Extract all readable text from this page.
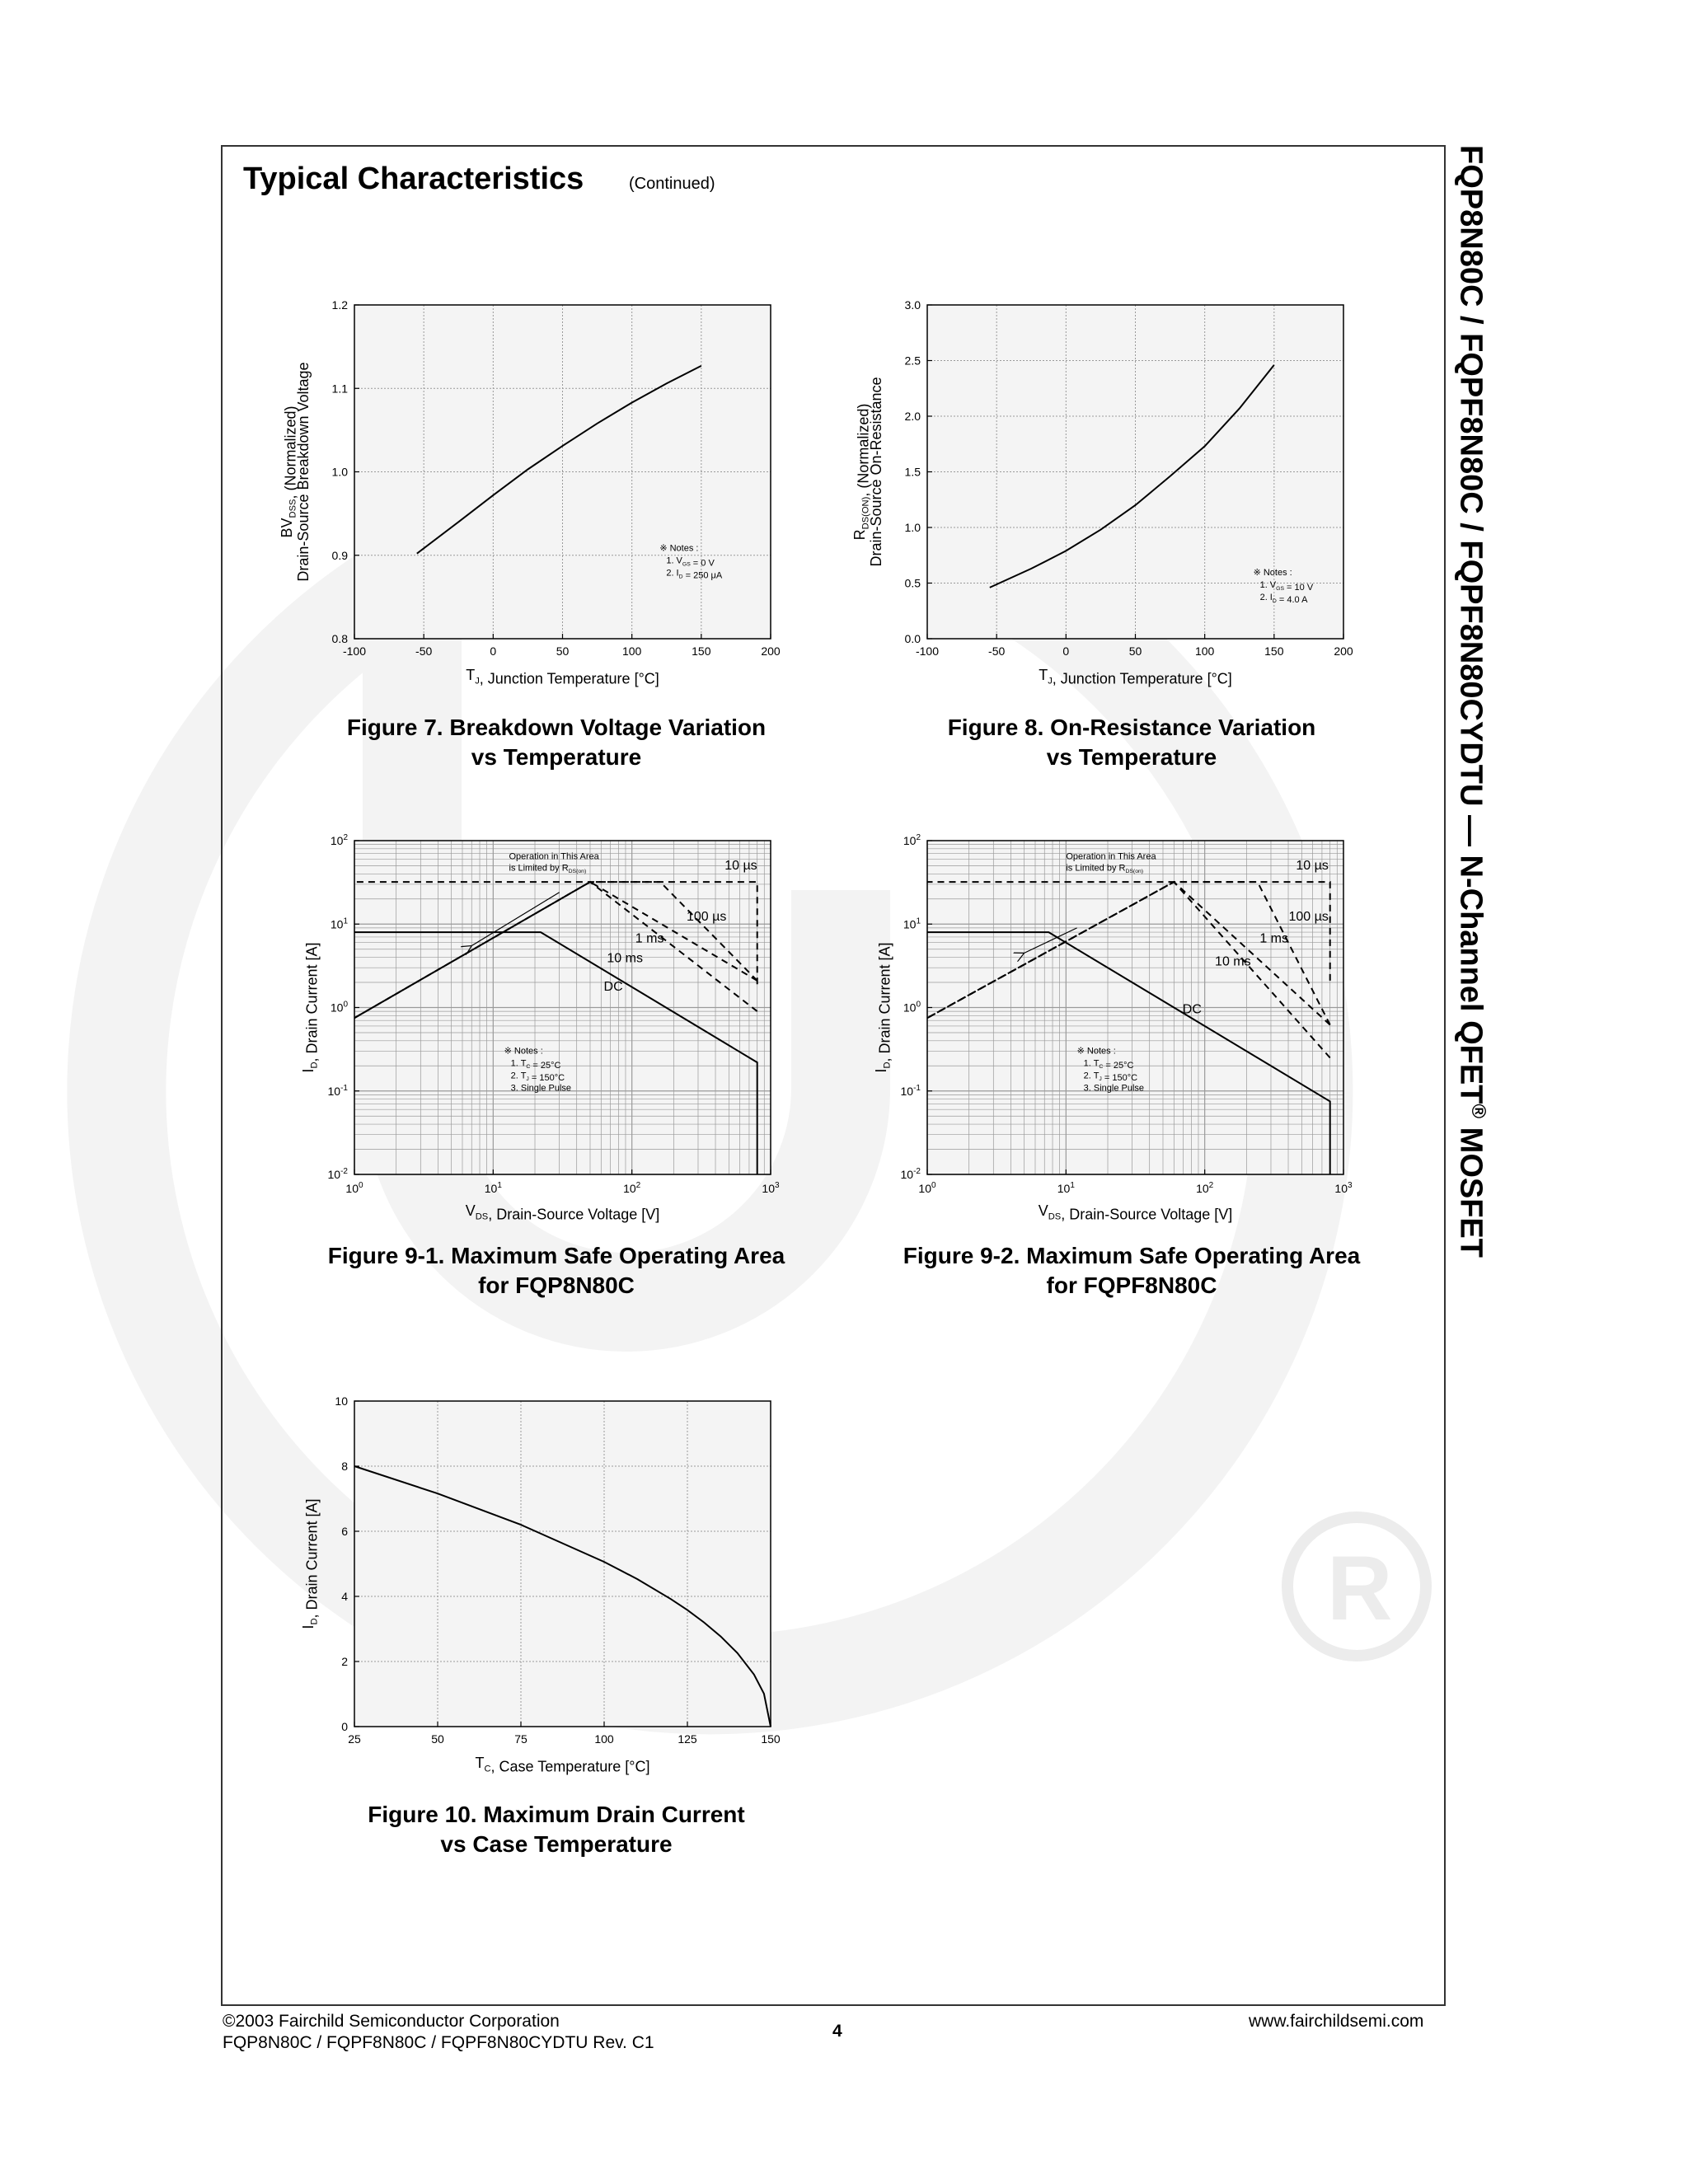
R
Typical Characteristics	(Continued)	FQP8N80C / FQPF8N80C / FQPF8N80CYDTU — N-Channel QFET® MOSFET
-100	-50	0	50	100	150	200
0.8
0.9
1.0
1.1
1.2
$T_J$, Junction Temperature [°C]
$BV_{DSS}$, (Normalized)
Drain-Source Breakdown Voltage	※ Notes :
1. $V_{GS} = 0$ V
2. $I_D = 250$ μA
-100	-50	0	50	100	150	200
0.0
0.5
1.0
1.5
2.0
2.5
3.0
$T_J$, Junction Temperature [°C]
$R_{DS(ON)}$, (Normalized)
Drain-Source On-Resistance
※ Notes :
1. $V_{GS} = 10$ V
2. $I_D = 4.0$ A
$10^0$	$10^1$	$10^2$	$10^3$
$10^{-2}$
$10^{-1}$
$10^0$
$10^1$
$10^2$
$V_{DS}$, Drain-Source Voltage [V]
$I_D$, Drain Current [A]
10 µs
100 µs
1 ms
10 ms
DC
Operation in This Area
is Limited by $R_{DS(on)}$
※ Notes :
1. $T_C = 25^\circ C$
2. $T_J = 150^\circ C$
3. Single Pulse
$10^0$	$10^1$	$10^2$	$10^3$
$10^{-2}$
$10^{-1}$
$10^0$
$10^1$
$10^2$
$V_{DS}$, Drain-Source Voltage [V]
$I_D$, Drain Current [A]
10 µs
100 µs
1 ms
10 ms
DC
Operation in This Area
is Limited by $R_{DS(on)}$
※ Notes :
1. $T_C = 25^\circ C$
2. $T_J = 150^\circ C$
3. Single Pulse
25	50	75	100	125	150
0
2
4
6
8
10
$T_C$, Case Temperature [°C]
$I_D$, Drain Current [A]
Figure 7. Breakdown Voltage Variation
vs Temperature
Figure 8. On-Resistance Variation
vs Temperature
Figure 9-1. Maximum Safe Operating Area
for FQP8N80C
Figure 9-2. Maximum Safe Operating Area
for FQPF8N80C
Figure 10. Maximum Drain Current
vs Case Temperature
©2003 Fairchild Semiconductor Corporation
FQP8N80C / FQPF8N80C / FQPF8N80CYDTU Rev. C1
4
www.fairchildsemi.com
